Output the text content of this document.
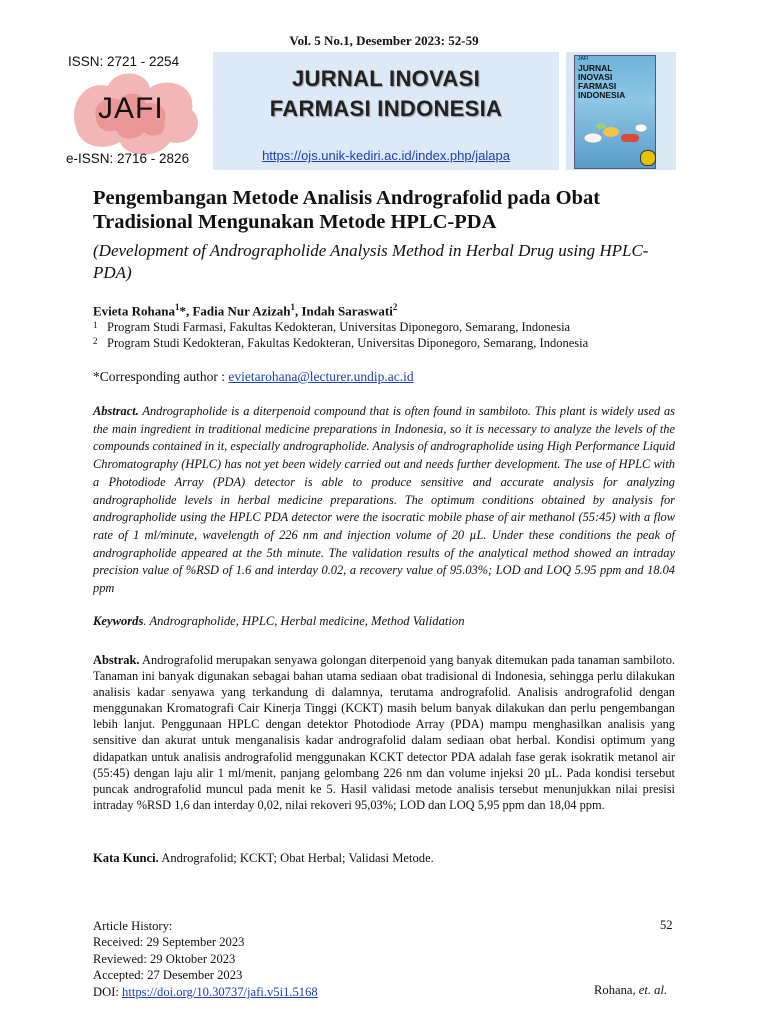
Vol. 5 No.1, Desember 2023: 52-59
ISSN: 2721 - 2254
JAFI
e-ISSN: 2716 - 2826
JURNAL INOVASI
FARMASI INDONESIA
https://ojs.unik-kediri.ac.id/index.php/jalapa
JAFI
JURNAL
INOVASI
FARMASI
INDONESIA
Pengembangan Metode Analisis Andrografolid pada Obat Tradisional Mengunakan Metode HPLC-PDA
(Development of Andrographolide Analysis Method in Herbal Drug using HPLC-PDA)
Evieta Rohana$^1$*, Fadia Nur Azizah$^1$, Indah Saraswati$^2$
1 Program Studi Farmasi, Fakultas Kedokteran, Universitas Diponegoro, Semarang, Indonesia
2 Program Studi Kedokteran, Fakultas Kedokteran, Universitas Diponegoro, Semarang, Indonesia
*Corresponding author : evietarohana@lecturer.undip.ac.id
Abstract. Andrographolide is a diterpenoid compound that is often found in sambiloto. This plant is widely used as the main ingredient in traditional medicine preparations in Indonesia, so it is necessary to analyze the levels of the compounds contained in it, especially andrographolide. Analysis of andrographolide using High Performance Liquid Chromatography (HPLC) has not yet been widely carried out and needs further development. The use of HPLC with a Photodiode Array (PDA) detector is able to produce sensitive and accurate analysis for analyzing andrographolide levels in herbal medicine preparations. The optimum conditions obtained by analysis for andrographolide using the HPLC PDA detector were the isocratic mobile phase of air methanol (55:45) with a flow rate of 1 ml/minute, wavelength of 226 nm and injection volume of 20 µL. Under these conditions the peak of andrographolide appeared at the 5th minute. The validation results of the analytical method showed an intraday precision value of %RSD of 1.6 and interday 0.02, a recovery value of 95.03%; LOD and LOQ 5.95 ppm and 18.04 ppm
Keywords. Andrographolide, HPLC, Herbal medicine, Method Validation
Abstrak. Andrografolid merupakan senyawa golongan diterpenoid yang banyak ditemukan pada tanaman sambiloto. Tanaman ini banyak digunakan sebagai bahan utama sediaan obat tradisional di Indonesia, sehingga perlu dilakukan analisis kadar senyawa yang terkandung di dalamnya, terutama andrografolid. Analisis andrografolid dengan menggunakan Kromatografi Cair Kinerja Tinggi (KCKT) masih belum banyak dilakukan dan perlu pengembangan lebih lanjut. Penggunaan HPLC dengan detektor Photodiode Array (PDA) mampu menghasilkan analisis yang sensitive dan akurat untuk menganalisis kadar andrografolid dalam sediaan obat herbal. Kondisi optimum yang didapatkan untuk analisis andrografolid menggunakan KCKT detector PDA adalah fase gerak isokratik metanol air (55:45) dengan laju alir 1 ml/menit, panjang gelombang 226 nm dan volume injeksi 20 µL. Pada kondisi tersebut puncak andrografolid muncul pada menit ke 5. Hasil validasi metode analisis tersebut menunjukkan nilai presisi intraday %RSD 1,6 dan interday 0,02, nilai rekoveri 95,03%; LOD dan LOQ 5,95 ppm dan 18,04 ppm.
Kata Kunci. Andrografolid; KCKT; Obat Herbal; Validasi Metode.
Article History:
Received: 29 September 2023
Reviewed: 29 Oktober 2023
Accepted: 27 Desember 2023
DOI: https://doi.org/10.30737/jafi.v5i1.5168
52
Rohana, et. al.
